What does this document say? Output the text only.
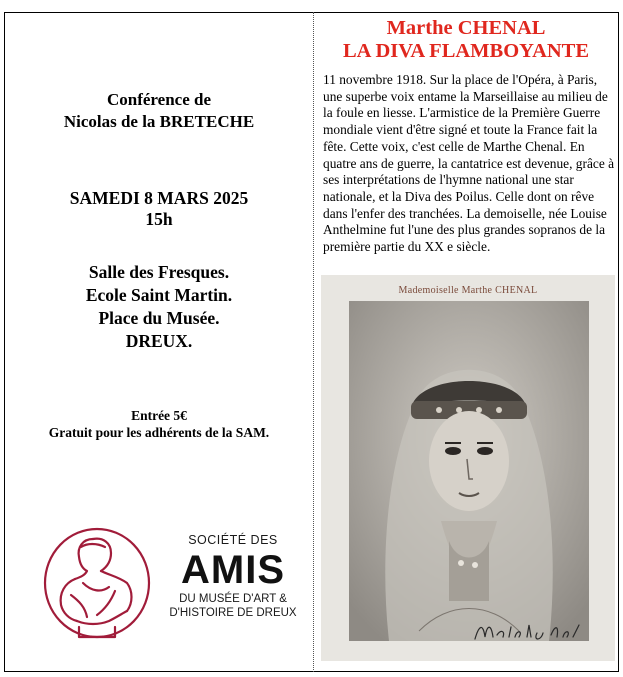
Conférence de
Nicolas de la BRETECHE
SAMEDI 8 MARS 2025
15h
Salle des Fresques.
Ecole Saint Martin.
Place du Musée.
DREUX.
Entrée 5€
Gratuit pour les adhérents de la SAM.
SOCIÉTÉ DES
AMIS
DU MUSÉE D'ART &
D'HISTOIRE DE DREUX
Marthe CHENAL
LA DIVA FLAMBOYANTE
11 novembre 1918. Sur la place de l'Opéra, à Paris, une superbe voix entame la Marseillaise au milieu de la foule en liesse. L'armistice de la Première Guerre mondiale vient d'être signé et toute la France fait la fête. Cette voix, c'est celle de Marthe Chenal. En quatre ans de guerre, la cantatrice est devenue, grâce à ses interprétations de l'hymne national une star nationale, et la Diva des Poilus. Celle dont on rêve dans l'enfer des tranchées. La demoiselle, née Louise Anthelmine fut l'une des plus grandes sopranos de la première partie du XX e siècle.
Mademoiselle Marthe CHENAL
Marthe Chenal
